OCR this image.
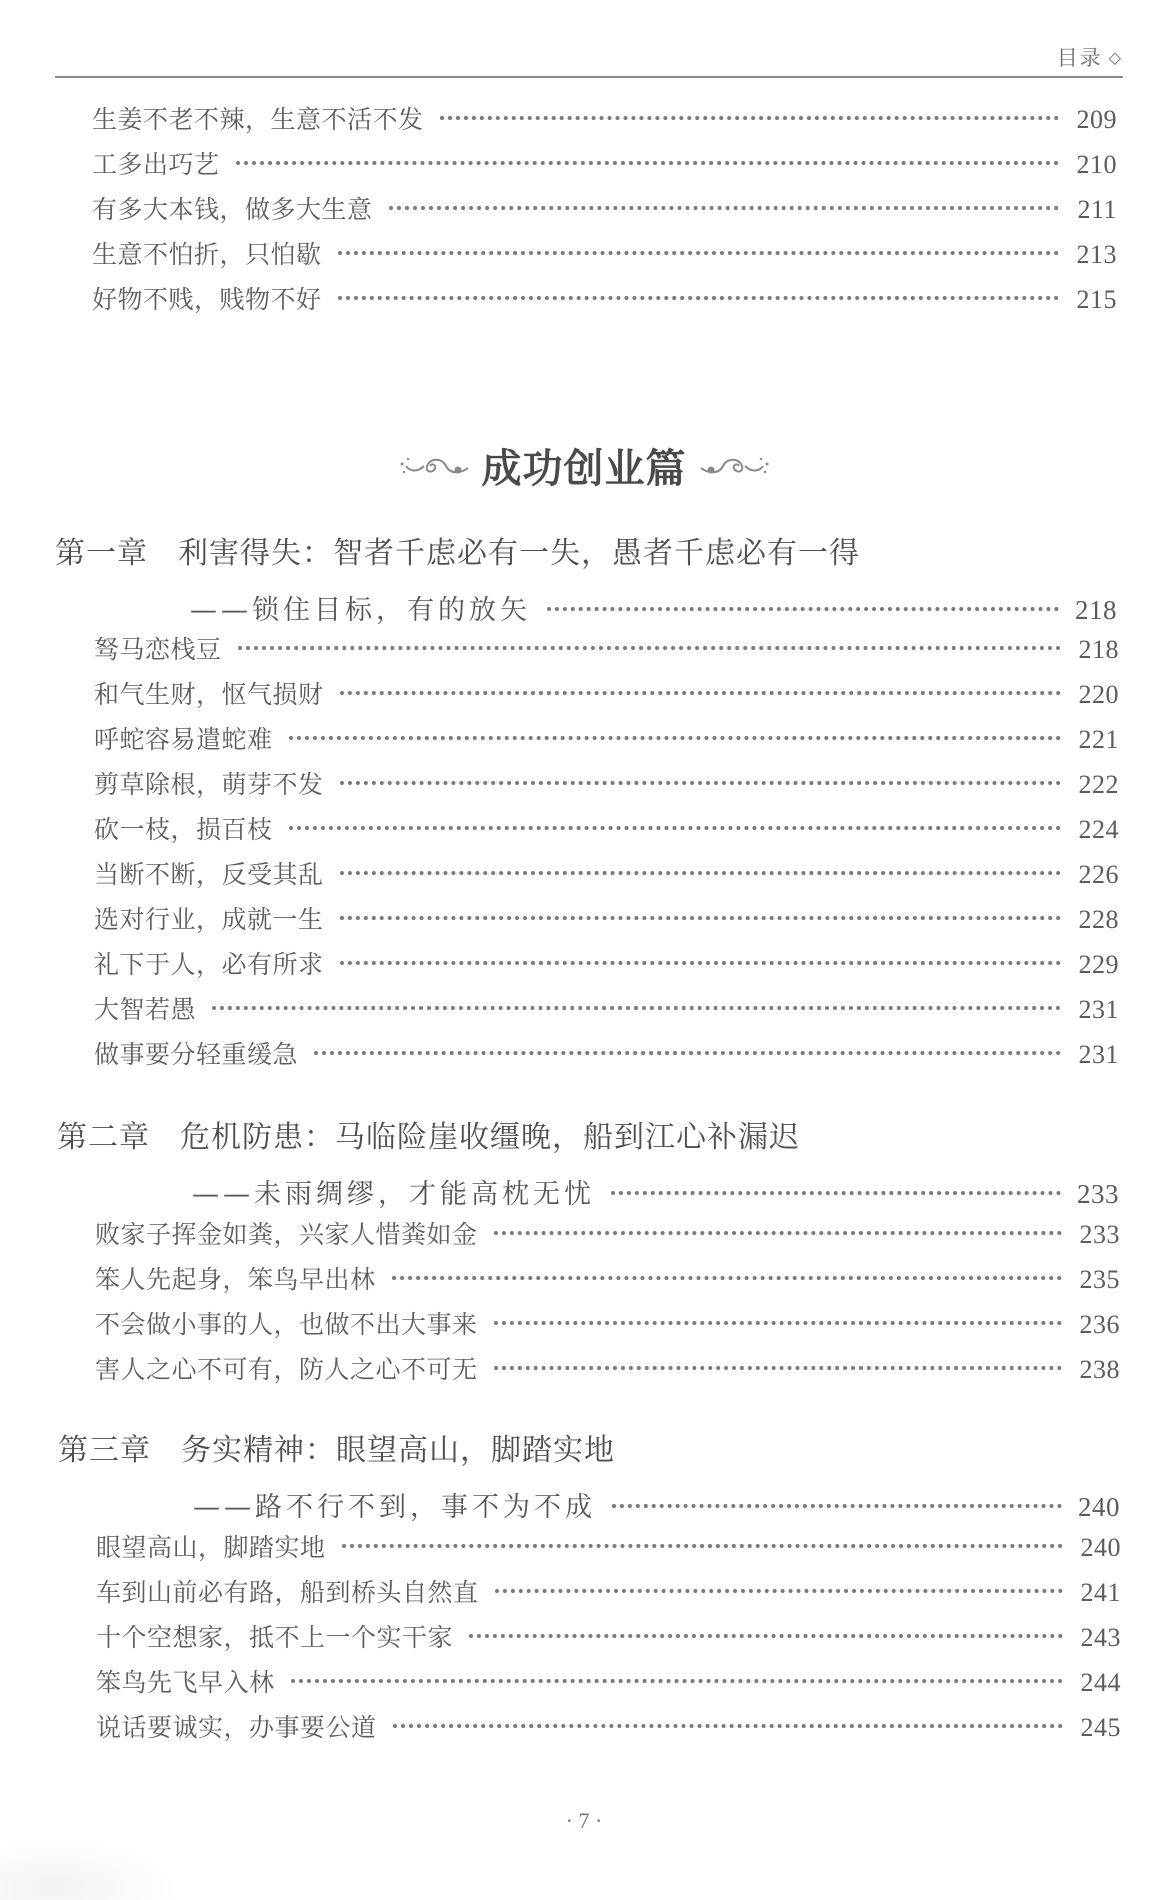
目录 ◇
生姜不老不辣，生意不活不发	209
工多出巧艺	210
有多大本钱，做多大生意	211
生意不怕折，只怕歇	213
好物不贱，贱物不好	215
成功创业篇
第一章 利害得失：智者千虑必有一失，愚者千虑必有一得
——锁住目标，有的放矢	218
驽马恋栈豆	218
和气生财，怄气损财	220
呼蛇容易遣蛇难	221
剪草除根，萌芽不发	222
砍一枝，损百枝	224
当断不断，反受其乱	226
选对行业，成就一生	228
礼下于人，必有所求	229
大智若愚	231
做事要分轻重缓急	231
第二章 危机防患：马临险崖收缰晚，船到江心补漏迟
——未雨绸缪，才能高枕无忧	233
败家子挥金如粪，兴家人惜粪如金	233
笨人先起身，笨鸟早出林	235
不会做小事的人，也做不出大事来	236
害人之心不可有，防人之心不可无	238
第三章 务实精神：眼望高山，脚踏实地
——路不行不到，事不为不成	240
眼望高山，脚踏实地	240
车到山前必有路，船到桥头自然直	241
十个空想家，抵不上一个实干家	243
笨鸟先飞早入林	244
说话要诚实，办事要公道	245
· 7 ·
